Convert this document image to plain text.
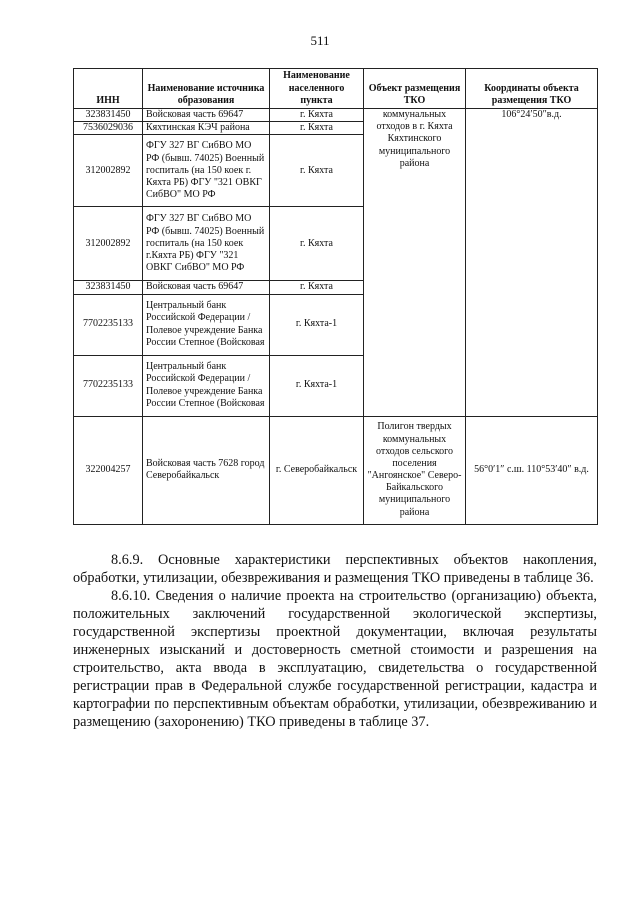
511
ИНН	Наименование источника образования	Наименование населенного пункта	Объект размещения ТКО	Координаты объекта размещения ТКО
323831450	Войсковая часть 69647	г. Кяхта	коммунальных отходов в г. Кяхта Кяхтинского муниципального района	106°24′50″в.д.
7536029036	Кяхтинская КЭЧ района	г. Кяхта		
312002892	ФГУ 327 ВГ СибВО МО РФ (бывш. 74025) Военный госпиталь (на 150 коек г. Кяхта РБ) ФГУ "321 ОВКГ СибВО" МО РФ	г. Кяхта		
312002892	ФГУ 327 ВГ СибВО МО РФ (бывш. 74025) Военный госпиталь (на 150 коек г.Кяхта РБ) ФГУ "321 ОВКГ СибВО" МО РФ	г. Кяхта		
323831450	Войсковая часть 69647	г. Кяхта		
7702235133	Центральный банк Российской Федерации / Полевое учреждение Банка России Степное (Войсковая	г. Кяхта-1		
7702235133	Центральный банк Российской Федерации / Полевое учреждение Банка России Степное (Войсковая	г. Кяхта-1		
322004257	Войсковая часть 7628 город Северобайкальск	г. Северобайкальск	Полигон твердых коммунальных отходов сельского поселения "Ангоянское" Северо-Байкальского муниципального района	56°0′1″ с.ш. 110°53′40″ в.д.

8.6.9. Основные характеристики перспективных объектов накопления, обработки, утилизации, обезвреживания и размещения ТКО приведены в таблице 36.

8.6.10. Сведения о наличие проекта на строительство (организацию) объекта, положительных заключений государственной экологической экспертизы, государственной экспертизы проектной документации, включая результаты инженерных изысканий и достоверность сметной стоимости и разрешения на строительство, акта ввода в эксплуатацию, свидетельства о государственной регистрации прав в Федеральной службе государственной регистрации, кадастра и картографии по перспективным объектам обработки, утилизации, обезвреживанию и размещению (захоронению) ТКО приведены в таблице 37.
